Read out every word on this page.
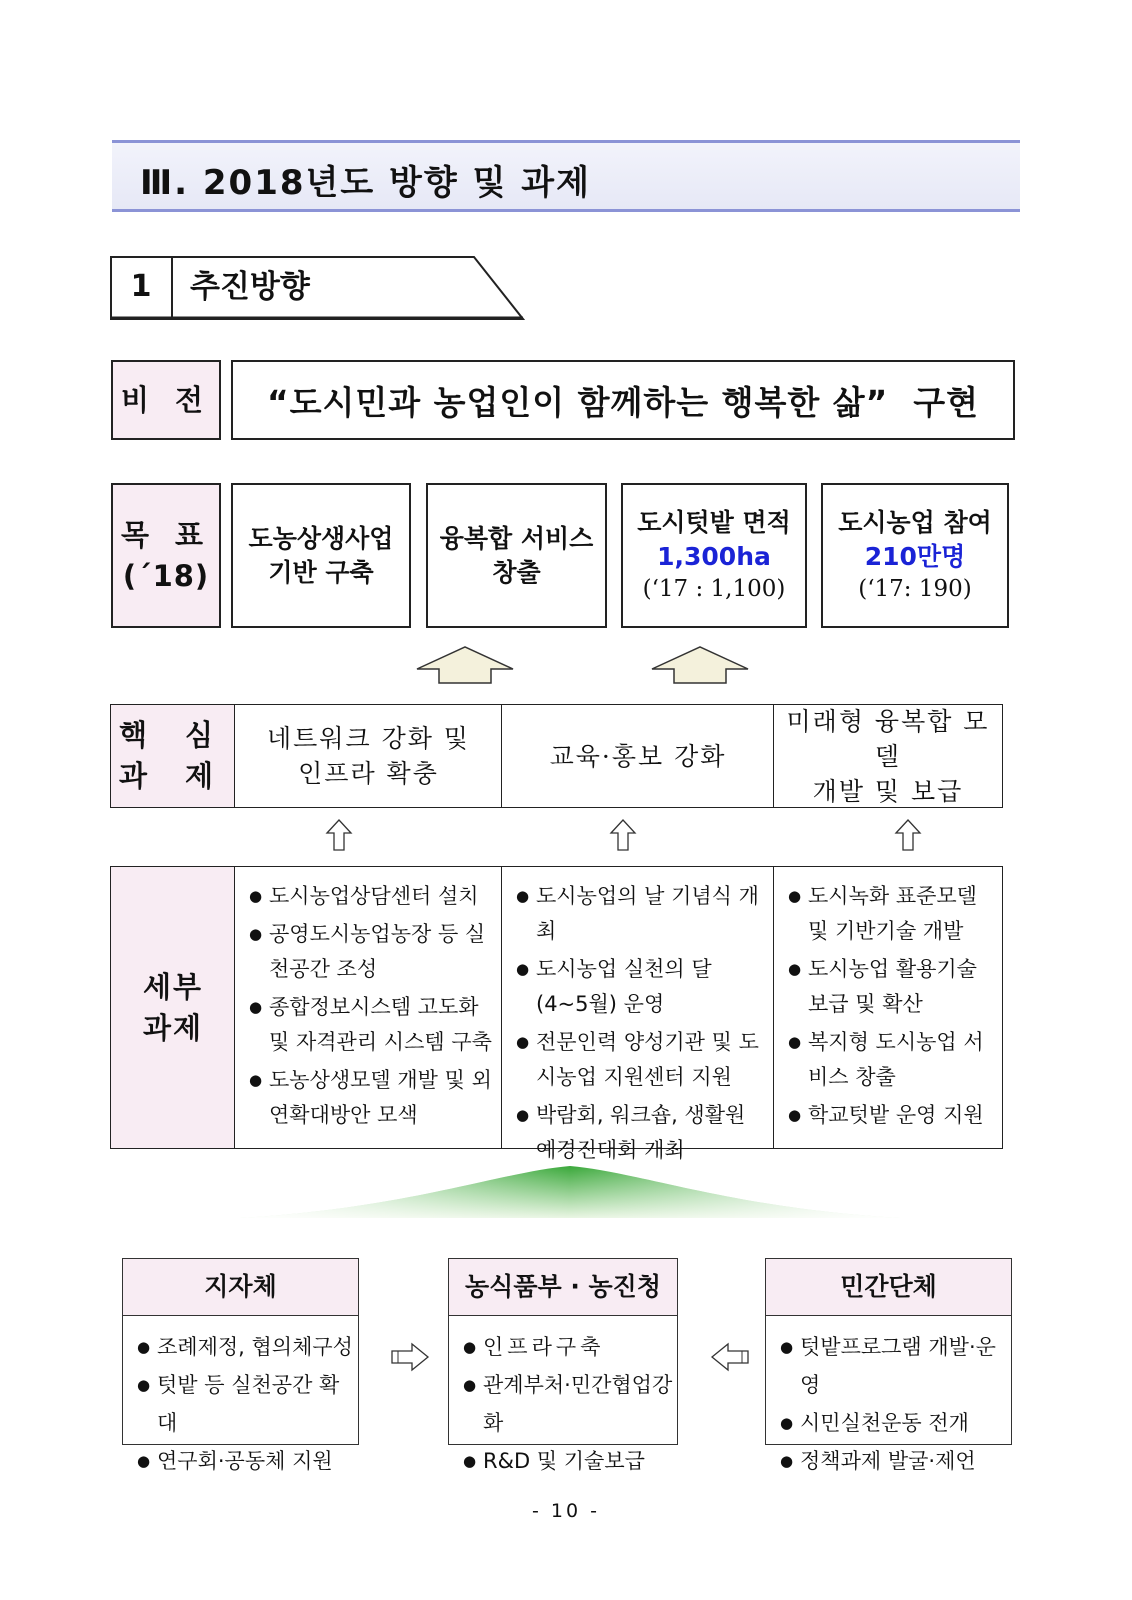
Ⅲ. 2018년도 방향 및 과제
1	추진방향
비 전 “도시민과 농업인이 함께하는 행복한 삶”  구현
목 표
(´18)
도농상생사업
기반 구축
융복합 서비스
창출
도시텃밭 면적
1,300ha
(‘17 : 1,100)
도시농업 참여
210만명
(‘17: 190)
핵 심
과 제
네트워크 강화 및
인프라 확충
교육·홍보 강화
미래형 융복합 모델
개발 및 보급
세부
과제
● 도시농업상담센터 설치
● 공영도시농업농장 등 실천공간 조성
● 종합정보시스템 고도화 및 자격관리 시스템 구축
● 도농상생모델 개발 및 외연확대방안 모색
● 도시농업의 날 기념식 개최
● 도시농업 실천의 달 (4~5월) 운영
● 전문인력 양성기관 및 도시농업 지원센터 지원
● 박람회, 워크숍, 생활원예경진대회 개최
● 도시녹화 표준모델 및 기반기술 개발
● 도시농업 활용기술 보급 및 확산
● 복지형 도시농업 서비스 창출
● 학교텃밭 운영 지원
지자체
● 조례제정, 협의체구성
● 텃밭 등 실천공간 확대
● 연구회·공동체 지원
농식품부 · 농진청
● 인프라구축
● 관계부처·민간협업강화
● R&D 및 기술보급
민간단체
● 텃밭프로그램 개발·운영
● 시민실천운동 전개
● 정책과제 발굴·제언
- 10 -
